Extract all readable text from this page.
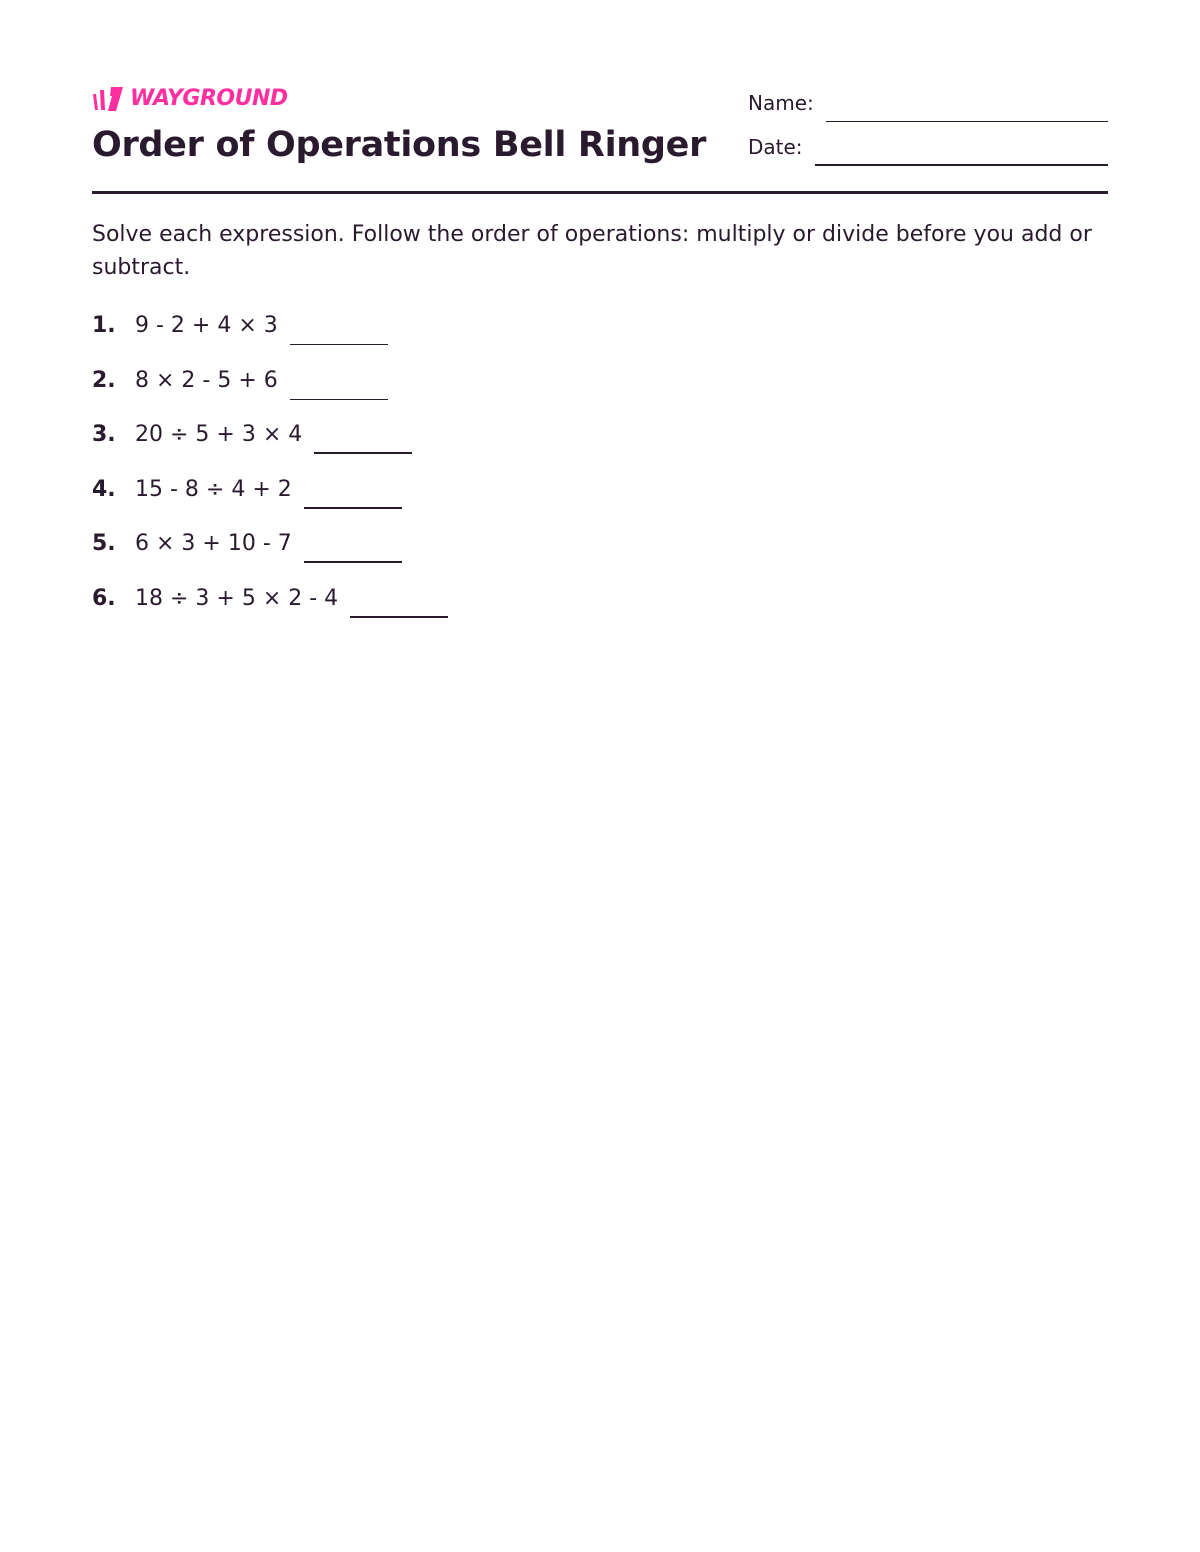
WAYGROUND
Order of Operations Bell Ringer
Name:
Date:

Solve each expression. Follow the order of operations: multiply or divide before you add or subtract.

1. 9 - 2 + 4 × 3
2. 8 × 2 - 5 + 6
3. 20 ÷ 5 + 3 × 4
4. 15 - 8 ÷ 4 + 2
5. 6 × 3 + 10 - 7
6. 18 ÷ 3 + 5 × 2 - 4
